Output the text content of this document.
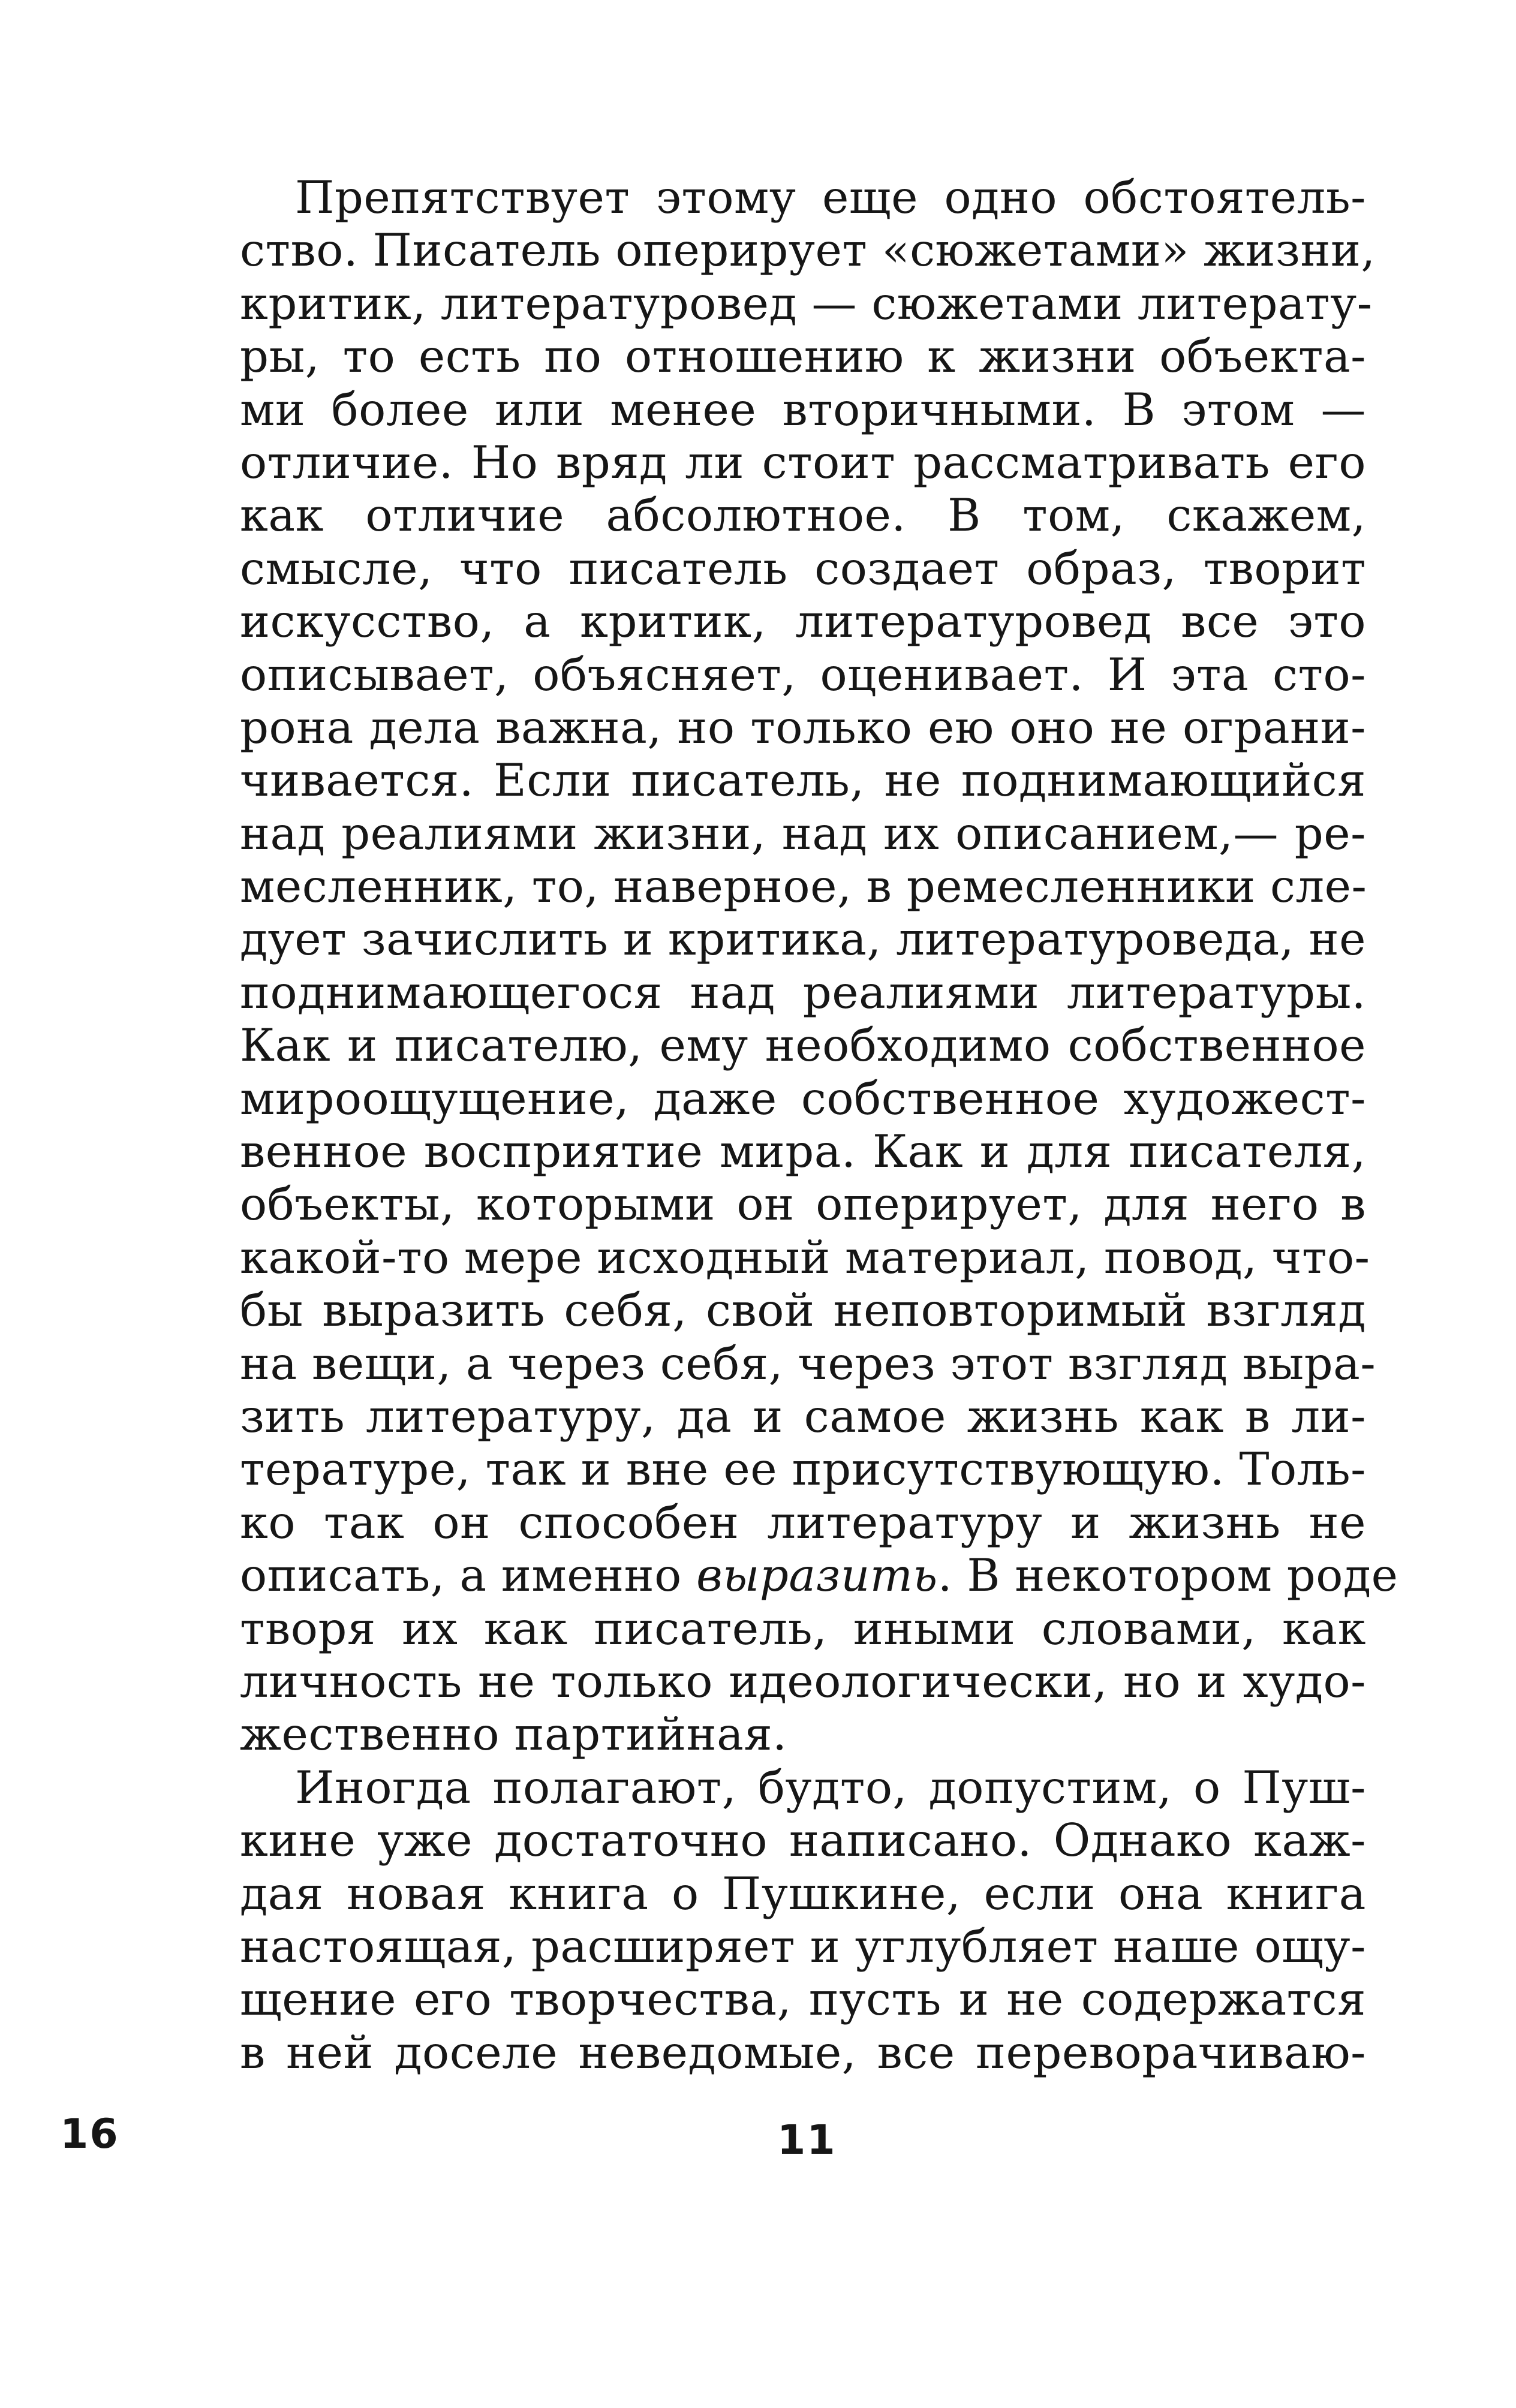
Препятствует этому еще одно обстоятель-
ство. Писатель оперирует «сюжетами» жизни,
критик, литературовед — сюжетами литерату-
ры, то есть по отношению к жизни объекта-
ми более или менее вторичными. В этом —
отличие. Но вряд ли стоит рассматривать его
как отличие абсолютное. В том, скажем,
смысле, что писатель создает образ, творит
искусство, а критик, литературовед все это
описывает, объясняет, оценивает. И эта сто-
рона дела важна, но только ею оно не ограни-
чивается. Если писатель, не поднимающийся
над реалиями жизни, над их описанием,— ре-
месленник, то, наверное, в ремесленники сле-
дует зачислить и критика, литературоведа, не
поднимающегося над реалиями литературы.
Как и писателю, ему необходимо собственное
мироощущение, даже собственное художест-
венное восприятие мира. Как и для писателя,
объекты, которыми он оперирует, для него в
какой-то мере исходный материал, повод, что-
бы выразить себя, свой неповторимый взгляд
на вещи, а через себя, через этот взгляд выра-
зить литературу, да и самое жизнь как в ли-
тературе, так и вне ее присутствующую. Толь-
ко так он способен литературу и жизнь не
описать, а именно выразить. В некотором роде
творя их как писатель, иными словами, как
личность не только идеологически, но и худо-
жественно партийная.
Иногда полагают, будто, допустим, о Пуш-
кине уже достаточно написано. Однако каж-
дая новая книга о Пушкине, если она книга
настоящая, расширяет и углубляет наше ощу-
щение его творчества, пусть и не содержатся
в ней доселе неведомые, все переворачиваю-
16	11
